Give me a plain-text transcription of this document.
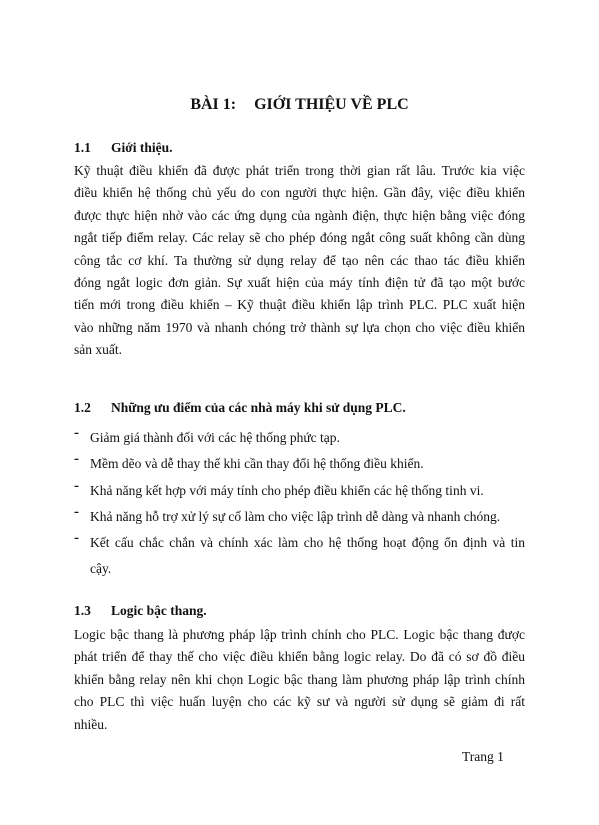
BÀI 1: GIỚI THIỆU VỀ PLC
1.1 Giới thiệu.
Kỹ thuật điều khiển đã được phát triển trong thời gian rất lâu. Trước kia việc
điều khiển hệ thống chủ yếu do con người thực hiện. Gần đây, việc điều khiển
được thực hiện nhờ vào các ứng dụng của ngành điện, thực hiện bằng việc đóng
ngắt tiếp điểm relay. Các relay sẽ cho phép đóng ngắt công suất không cần dùng
công tắc cơ khí. Ta thường sử dụng relay để tạo nên các thao tác điều khiển
đóng ngắt logic đơn giản. Sự xuất hiện của máy tính điện tử đã tạo một bước
tiến mới trong điều khiển – Kỹ thuật điều khiển lập trình PLC. PLC xuất hiện
vào những năm 1970 và nhanh chóng trở thành sự lựa chọn cho việc điều khiển
sản xuất.
1.2 Những ưu điểm của các nhà máy khi sử dụng PLC.
- Giảm giá thành đối với các hệ thống phức tạp.
- Mềm dẽo và dễ thay thế khi cần thay đổi hệ thống điều khiển.
- Khả năng kết hợp với máy tính cho phép điều khiển các hệ thống tinh vi.
- Khả năng hỗ trợ xử lý sự cố làm cho việc lập trình dễ dàng và nhanh chóng.
- Kết cấu chắc chắn và chính xác làm cho hệ thống hoạt động ổn định và tin
cậy.
1.3 Logic bậc thang.
Logic bậc thang là phương pháp lập trình chính cho PLC. Logic bậc thang được
phát triển để thay thế cho việc điều khiển bằng logic relay. Do đã có sơ đồ điều
khiển bằng relay nên khi chọn Logic bậc thang làm phương pháp lập trình chính
cho PLC thì việc huấn luyện cho các kỹ sư và người sử dụng sẽ giảm đi rất
nhiều.
Trang 1
